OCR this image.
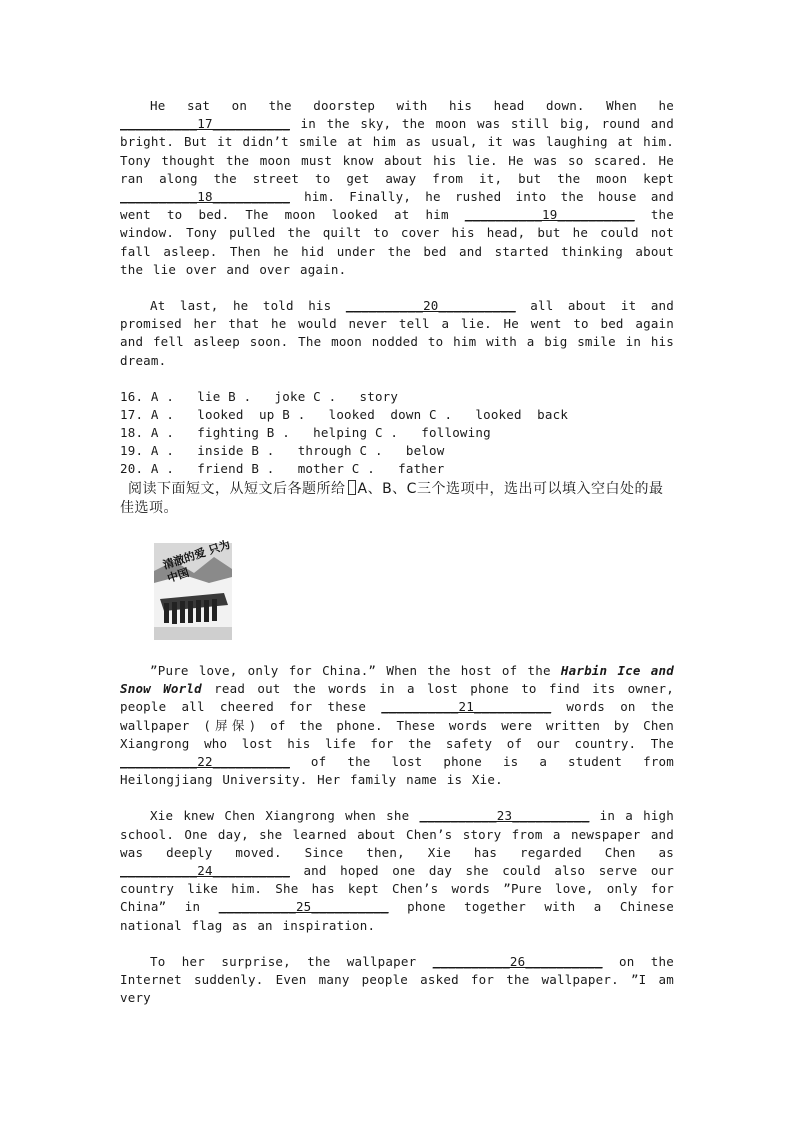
He sat on the doorstep with his head down. When he __________17__________ in the sky, the moon was still big, round and bright. But it didn’t smile at him as usual, it was laughing at him. Tony thought the moon must know about his lie. He was so scared. He ran along the street to get away from it, but the moon kept __________18__________ him. Finally, he rushed into the house and went to bed. The moon looked at him __________19__________ the window. Tony pulled the quilt to cover his head, but he could not fall asleep. Then he hid under the bed and started thinking about the lie over and over again.

At last, he told his __________20__________ all about it and promised her that he would never tell a lie. He went to bed again and fell asleep soon. The moon nodded to him with a big smile in his dream.

16. A .   lie B .   joke C .   story

17. A .   looked  up B .   looked  down C .   looked  back

18. A .   fighting B .   helping C .   following

19. A .   inside B .   through C .   below

20. A .   friend B .   mother C .   father

阅读下面短文，从短文后各题所给 A、B、C三个选项中，选出可以填入空白处的最佳选项。

清澈的爱 只为中国

”Pure love, only for China.” When the host of the Harbin Ice and Snow World read out the words in a lost phone to find its owner, people all cheered for these __________21__________ words on the wallpaper (屏保) of the phone. These words were written by Chen Xiangrong who lost his life for the safety of our country. The __________22__________ of the lost phone is a student from Heilongjiang University. Her family name is Xie.

Xie knew Chen Xiangrong when she __________23__________ in a high school. One day, she learned about Chen’s story from a newspaper and was deeply moved. Since then, Xie has regarded Chen as __________24__________ and hoped one day she could also serve our country like him. She has kept Chen’s words ”Pure love, only for China” in __________25__________ phone together with a Chinese national flag as an inspiration.

To her surprise, the wallpaper __________26__________ on the Internet suddenly. Even many people asked for the wallpaper. ”I am very
